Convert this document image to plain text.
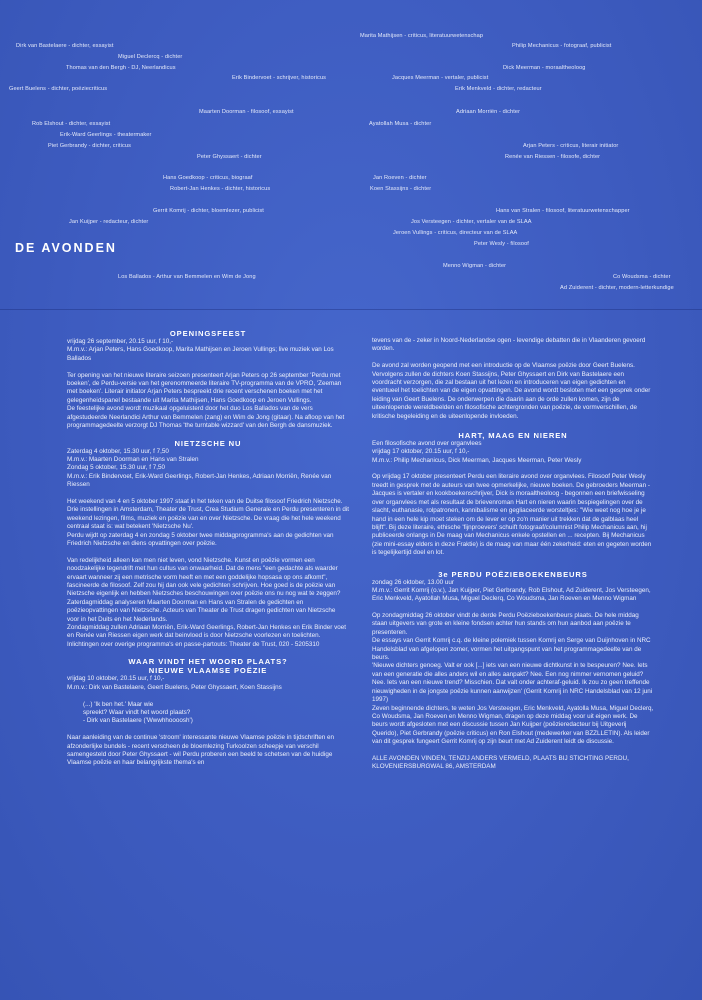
Dirk van Bastelaere - dichter, essayist
Miguel Declercq - dichter
Thomas van den Bergh - DJ, Neerlandicus
Geert Buelens - dichter, poëziecriticus
Erik Bindervoet - schrijver, historicus
Maarten Doorman - filosoof, essayist
Rob Elshout - dichter, essayist
Erik-Ward Geerlings - theatermaker
Piet Gerbrandy - dichter, criticus
Peter Ghyssaert - dichter
Hans Goedkoop - criticus, biograaf
Robert-Jan Henkes - dichter, historicus
Gerrit Komrij - dichter, bloemlezer, publicist
Jan Kuijper - redacteur, dichter
Marita Mathijsen - criticus, literatuurwetenschap
Philip Mechanicus - fotograaf, publicist
Jacques Meerman - vertaler, publicist
Dick Meerman - moraaltheoloog
Erik Menkveld - dichter, redacteur
Adriaan Morriën - dichter
Ayatollah Musa - dichter
Arjan Peters - criticus, literair initiator
Renée van Riessen - filosofe, dichter
Jan Roeven - dichter
Koen Stassijns - dichter
Hans van Stralen - filosoof, literatuurwetenschapper
Jos Versteegen - dichter, vertaler van de SLAA
Jeroen Vullings - criticus, directeur van de SLAA
Peter Wesly - filosoof
Menno Wigman - dichter
Co Woudsma - dichter
Ad Zuiderent - dichter, modern-letterkundige
Los Ballados - Arthur van Bemmelen en Wim de Jong
DE AVONDEN
OPENINGSFEEST

vrijdag 26 september, 20.15 uur, f 10,-
M.m.v.: Arjan Peters, Hans Goedkoop, Marita Mathijsen en Jeroen Vullings; live muziek van Los Ballados

Ter opening van het nieuwe literaire seizoen presenteert Arjan Peters op 26 september 'Perdu met boeken', de Perdu-versie van het gerenommeerde literaire TV-programma van de VPRO, 'Zeeman met boeken'. Literair initiator Arjan Peters bespreekt drie recent verschenen boeken met het gelegenheidspanel bestaande uit Marita Mathijsen, Hans Goedkoop en Jeroen Vullings.
De feestelijke avond wordt muzikaal opgeluisterd door het duo Los Ballados van de vers afgestudeerde Neerlandici Arthur van Bemmelen (zang) en Wim de Jong (gitaar). Na afloop van het programmagedeelte verzorgt DJ Thomas 'the turntable wizzard' van den Bergh de dansmuziek.

NIETZSCHE NU

Zaterdag 4 oktober, 15.30 uur, f 7,50
M.m.v.: Maarten Doorman en Hans van Stralen
Zondag 5 oktober, 15.30 uur, f 7,50
M.m.v.: Erik Bindervoet, Erik-Ward Geerlings, Robert-Jan Henkes, Adriaan Morriën, Renée van Riessen

Het weekend van 4 en 5 oktober 1997 staat in het teken van de Duitse filosoof Friedrich Nietzsche. Drie instellingen in Amsterdam, Theater de Trust, Crea Studium Generale en Perdu presenteren in dit weekend lezingen, films, muziek en poëzie van en over Nietzsche. De vraag die het hele weekend centraal staat is: wat betekent 'Nietzsche Nu'.
Perdu wijdt op zaterdag 4 en zondag 5 oktober twee middagprogramma's aan de gedichten van Friedrich Nietzsche en diens opvattingen over poëzie.

Van redelijkheid alleen kan men niet leven, vond Nietzsche. Kunst en poëzie vormen een noodzakelijke tegendrift met hun cultus van onwaarheid. Dat de mens "een gedachte als waarder ervaart wanneer zij een metrische vorm heeft en met een goddelijke hopsasa op ons afkomt", fascineerde de filosoof. Zelf zou hij dan ook vele gedichten schrijven. Hoe goed is de poëzie van Nietzsche eigenlijk en hebben Nietzsches beschouwingen over poëzie ons nu nog wat te zeggen?
Zaterdagmiddag analyseren Maarten Doorman en Hans van Stralen de gedichten en poëzieopvattingen van Nietzsche. Acteurs van Theater de Trust dragen gedichten van Nietzsche voor in het Duits en het Nederlands.
Zondagmiddag zullen Adriaan Morriën, Erik-Ward Geerlings, Robert-Jan Henkes en Erik Binder voet en Renée van Riessen eigen werk dat beinvloed is door Nietzsche voorlezen en toelichten.
Inlichtingen over overige programma's en passe-partouts: Theater de Trust, 020 - 5205310

WAAR VINDT HET WOORD PLAATS?
NIEUWE VLAAMSE POËZIE

vrijdag 10 oktober, 20.15 uur, f 10,-
M.m.v.: Dirk van Bastelaere, Geert Buelens, Peter Ghyssaert, Koen Stassijns

(...) 'Ik ben het.' Maar wie
spreekt? Waar vindt het woord plaats?
- Dirk van Bastelaere ('Wwwhhoooosh')

Naar aanleiding van de continue 'stroom' interessante nieuwe Vlaamse poëzie in tijdschriften en afzonderlijke bundels - recent verscheen de bloemlezing Turkoolzen scheepje van verschil samengesteld door Peter Ghyssaert - wil Perdu proberen een beeld te schetsen van de huidige Vlaamse poëzie en haar belangrijkste thema's en

tevens van de - zeker in Noord-Nederlandse ogen - levendige debatten die in Vlaanderen gevoerd worden.

De avond zal worden geopend met een introductie op de Vlaamse poëzie door Geert Buelens. Vervolgens zullen de dichters Koen Stassijns, Peter Ghyssaert en Dirk van Bastelaere een voordracht verzorgen, die zal bestaan uit het lezen en introduceren van eigen gedichten en eventueel het toelichten van de eigen opvattingen. De avond wordt besloten met een gesprek onder leiding van Geert Buelens. De onderwerpen die daarin aan de orde zullen komen, zijn de uiteenlopende wereldbeelden en filosofische achtergronden van poëzie, de vormverschillen, de kritische begeleiding en de uiteenlopende invloeden.

HART, MAAG EN NIEREN

Een filosofische avond over organvlees
vrijdag 17 oktober, 20.15 uur, f 10,-
M.m.v.: Philip Mechanicus, Dick Meerman, Jacques Meerman, Peter Wesly

Op vrijdag 17 oktober presenteert Perdu een literaire avond over organvlees. Filosoof Peter Wesly treedt in gesprek met de auteurs van twee opmerkelijke, nieuwe boeken. De gebroeders Meerman - Jacques is vertaler en kookboekenschrijver, Dick is moraaltheoloog - begonnen een briefwisseling over organvlees met als resultaat de brievenroman Hart en nieren waarin bespiegelingen over de slacht, euthanasie, rolpatronen, kannibalisme en gegliaceerde worsteltjes: "Wie weet nog hoe je je hand in een hele kip moet steken om de lever er op zo'n manier uit trekken dat de galblaas heel blijft". Bij deze literaire, ethische 'fijnproevers' schuift fotograaf/columnist Philip Mechanicus aan, hij publiceerde onlangs in De maag van Mechanicus enkele opstellen en ... recepten. Bij Mechanicus (zie mini-essay elders in deze Fraktie) is de maag van maar één zekerheid: eten en gegeten worden is tegelijkertijd doel en lot.

3e PERDU POËZIEBOEKENBEURS

zondag 26 oktober, 13.00 uur
M.m.v.: Gerrit Komrij (o.v.), Jan Kuijper, Piet Gerbrandy, Rob Elshout, Ad Zuiderent, Jos Versteegen, Eric Menkveld, Ayatollah Musa, Miguel Declerq, Co Woudsma, Jan Roeven en Menno Wigman

Op zondagmiddag 26 oktober vindt de derde Perdu Poëzieboekenbeurs plaats. De hele middag staan uitgevers van grote en kleine fondsen achter hun stands om hun aanbod aan poëzie te presenteren.
De essays van Gerrit Komrij c.q. de kleine polemiek tussen Komrij en Serge van Duijnhoven in NRC Handelsblad van afgelopen zomer, vormen het uitgangspunt van het programmagedeelte van de beurs.
'Nieuwe dichters genoeg. Valt er ook [...] iets van een nieuwe dichtkunst in te bespeuren? Nee. Iets van een generatie die alles anders wil en alles aanpakt? Nee. Een nog nimmer vernomen geluid? Nee. Iets van een nieuwe trend? Misschien. Dat valt onder achteraf-geluid. Ik zou zo geen treffende nieuwigheden in de jongste poëzie kunnen aanwijzen' (Gerrit Komrij in NRC Handelsblad van 12 juni 1997)
Zeven beginnende dichters, te weten Jos Versteegen, Eric Menkveld, Ayatolla Musa, Miguel Declerq, Co Woudsma, Jan Roeven en Menno Wigman, dragen op deze middag voor uit eigen werk. De beurs wordt afgesloten met een discussie tussen Jan Kuijper (poëzieredacteur bij Uitgeverij Querido), Piet Gerbrandy (poëzie criticus) en Ron Elshout (medewerker van BZZLLETIN). Als leider van dit gesprek fungeert Gerrit Komrij op zijn beurt met Ad Zuiderent leidt de discussie.

ALLE AVONDEN VINDEN, TENZIJ ANDERS VERMELD, PLAATS BIJ STICHTING PERDU, KLOVENIERSBURGWAL 86, AMSTERDAM
